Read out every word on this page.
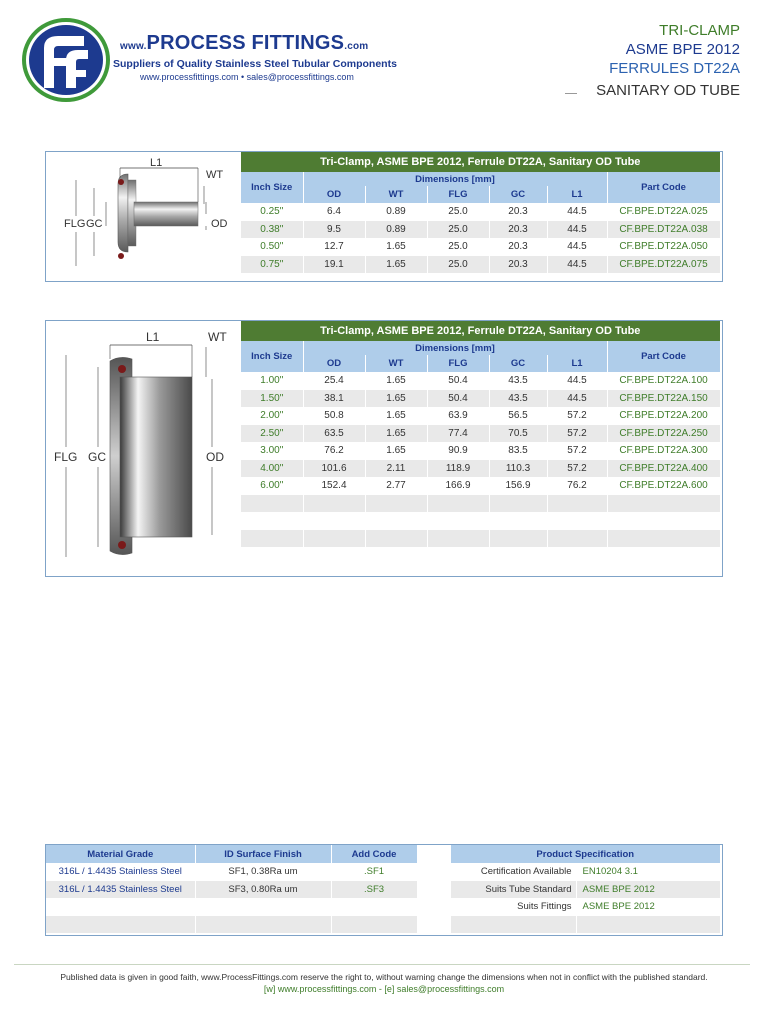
www.PROCESS FITTINGS.com
Suppliers of Quality Stainless Steel Tubular Components
www.processfittings.com • sales@processfittings.com
TRI-CLAMP
ASME BPE 2012
FERRULES DT22A
SANITARY OD TUBE
L1
WT
OD
FLG GC
Tri-Clamp, ASME BPE 2012, Ferrule DT22A, Sanitary OD Tube						
Inch Size	Dimensions [mm]					Part Code
	OD	WT	FLG	GC	L1	
0.25"	6.4	0.89	25.0	20.3	44.5	CF.BPE.DT22A.025
0.38"	9.5	0.89	25.0	20.3	44.5	CF.BPE.DT22A.038
0.50"	12.7	1.65	25.0	20.3	44.5	CF.BPE.DT22A.050
0.75"	19.1	1.65	25.0	20.3	44.5	CF.BPE.DT22A.075
L1	WT
OD
FLG GC
Tri-Clamp, ASME BPE 2012, Ferrule DT22A, Sanitary OD Tube						
Inch Size	Dimensions [mm]					Part Code
	OD	WT	FLG	GC	L1	
1.00"	25.4	1.65	50.4	43.5	44.5	CF.BPE.DT22A.100
1.50"	38.1	1.65	50.4	43.5	44.5	CF.BPE.DT22A.150
2.00"	50.8	1.65	63.9	56.5	57.2	CF.BPE.DT22A.200
2.50"	63.5	1.65	77.4	70.5	57.2	CF.BPE.DT22A.250
3.00"	76.2	1.65	90.9	83.5	57.2	CF.BPE.DT22A.300
4.00"	101.6	2.11	118.9	110.3	57.2	CF.BPE.DT22A.400
6.00"	152.4	2.77	166.9	156.9	76.2	CF.BPE.DT22A.600

Material Grade	ID Surface Finish	Add Code
316L / 1.4435 Stainless Steel	SF1, 0.38Ra um	.SF1
316L / 1.4435 Stainless Steel	SF3, 0.80Ra um	.SF3

Product Specification	
Certification Available	EN10204 3.1
Suits Tube Standard	ASME BPE 2012
Suits Fittings	ASME BPE 2012

Published data is given in good faith, www.ProcessFittings.com reserve the right to, without warning change the dimensions when not in conflict with the published standard.
[w] www.processfittings.com - [e] sales@processfittings.com
